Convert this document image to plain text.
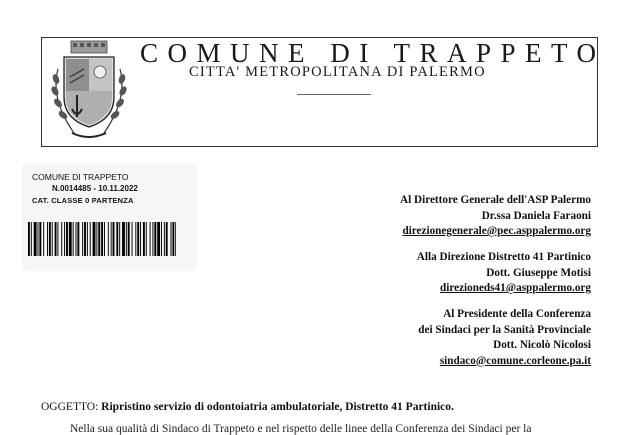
COMUNE DI TRAPPETO
CITTA' METROPOLITANA DI PALERMO
COMUNE DI TRAPPETO
N.0014485 - 10.11.2022
CAT. CLASSE 0 PARTENZA	Al Direttore Generale dell'ASP Palermo
Dr.ssa Daniela Faraoni
direzionegenerale@pec.asppalermo.org
Alla Direzione Distretto 41 Partinico
Dott. Giuseppe Motisi
direzioneds41@asppalermo.org
Al Presidente della Conferenza
dei Sindaci per la Sanità Provinciale
Dott. Nicolò Nicolosi
sindaco@comune.corleone.pa.it
OGGETTO: Ripristino servizio di odontoiatria ambulatoriale, Distretto 41 Partinico.
Nella sua qualità di Sindaco di Trappeto e nel rispetto delle linee della Conferenza dei Sindaci per la
